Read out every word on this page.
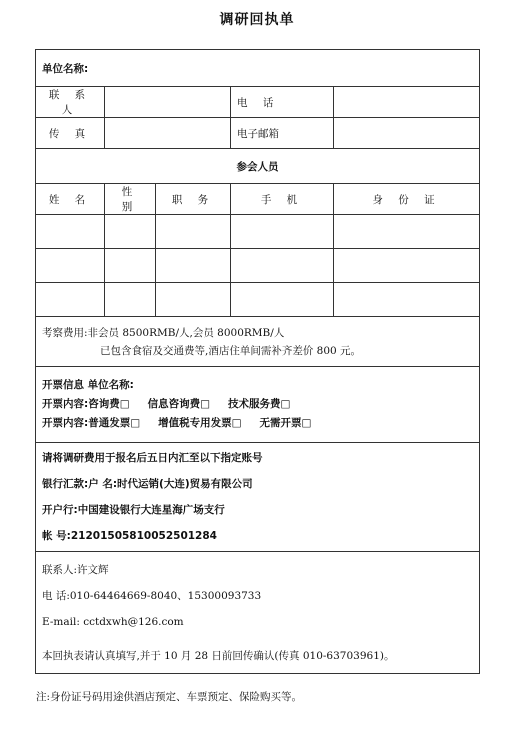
调研回执单
单位名称:				
联 系 人			电 话	
传 真			电子邮箱	
参会人员				
姓 名	性 别	职 务	手 机	身 份 证

考察费用:非会员 8500RMB/人,会员 8000RMB/人
已包含食宿及交通费等,酒店住单间需补齐差价 800 元。				

开票信息 单位名称:
开票内容:咨询费□ 信息咨询费□ 技术服务费□
开票内容:普通发票□ 增值税专用发票□ 无需开票□				

请将调研费用于报名后五日内汇至以下指定账号
银行汇款:户 名:时代运销(大连)贸易有限公司
开户行:中国建设银行大连星海广场支行
帐 号:21201505810052501284				

联系人:许文辉
电 话:010-64464669-8040、15300093733
E-mail: cctdxwh@126.com
本回执表请认真填写,并于 10 月 28 日前回传确认(传真 010-63703961)。				
注:身份证号码用途供酒店预定、车票预定、保险购买等。
